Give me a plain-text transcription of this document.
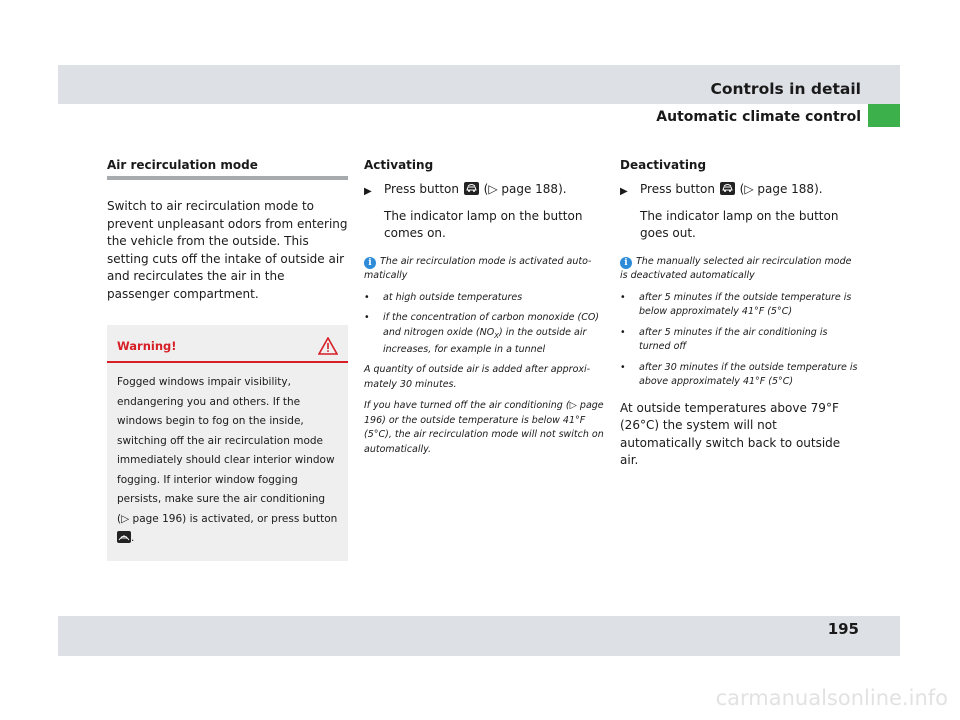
Controls in detail
Automatic climate control

Air recirculation mode

Switch to air recirculation mode to prevent unpleasant odors from entering the vehicle from the outside. This setting cuts off the intake of outside air and recirculates the air in the passenger compartment.

Warning!

Fogged windows impair visibility, endangering you and others. If the windows begin to fog on the inside, switching off the air recirculation mode immediately should clear interior window fogging. If interior window fogging persists, make sure the air conditioning (▷ page 196) is activated, or press button
.

Activating

▶	Press button
(▷ page 188).

The indicator lamp on the button comes on.

i The air recirculation mode is activated automatically

•	at high outside temperatures
•	if the concentration of carbon monoxide (CO) and nitrogen oxide $(NO_X)$ in the outside air increases, for example in a tunnel

A quantity of outside air is added after approximately 30 minutes.

If you have turned off the air conditioning (▷ page 196) or the outside temperature is below 41°F (5°C), the air recirculation mode will not switch on automatically.

Deactivating

▶	Press button
(▷ page 188).

The indicator lamp on the button goes out.

i The manually selected air recirculation mode is deactivated automatically

•	after 5 minutes if the outside temperature is below approximately 41°F (5°C)
•	after 5 minutes if the air conditioning is turned off
•	after 30 minutes if the outside temperature is above approximately 41°F (5°C)

At outside temperatures above 79°F (26°C) the system will not automatically switch back to outside air.

195
carmanualsonline.info
